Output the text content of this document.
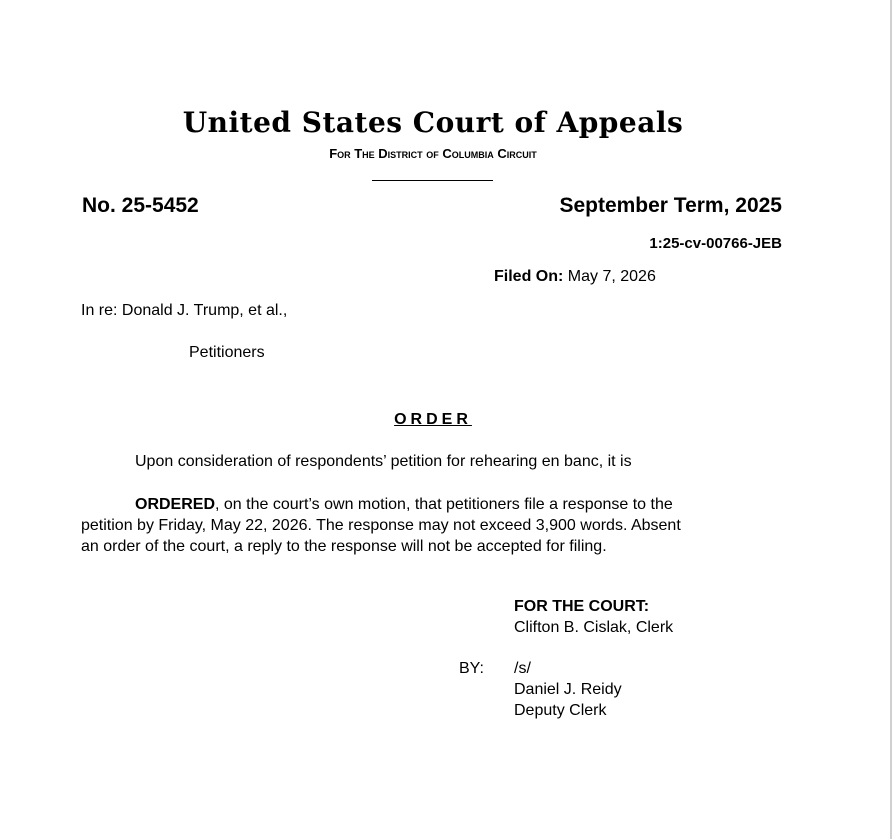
United States Court of Appeals
For The District of Columbia Circuit
No. 25-5452	September Term, 2025
1:25-cv-00766-JEB
Filed On: May 7, 2026
In re: Donald J. Trump, et al.,
Petitioners
ORDER
Upon consideration of respondents’ petition for rehearing en banc, it is
ORDERED, on the court’s own motion, that petitioners file a response to the
petition by Friday, May 22, 2026. The response may not exceed 3,900 words. Absent
an order of the court, a reply to the response will not be accepted for filing.
FOR THE COURT:
Clifton B. Cislak, Clerk
BY: /s/
Daniel J. Reidy
Deputy Clerk
